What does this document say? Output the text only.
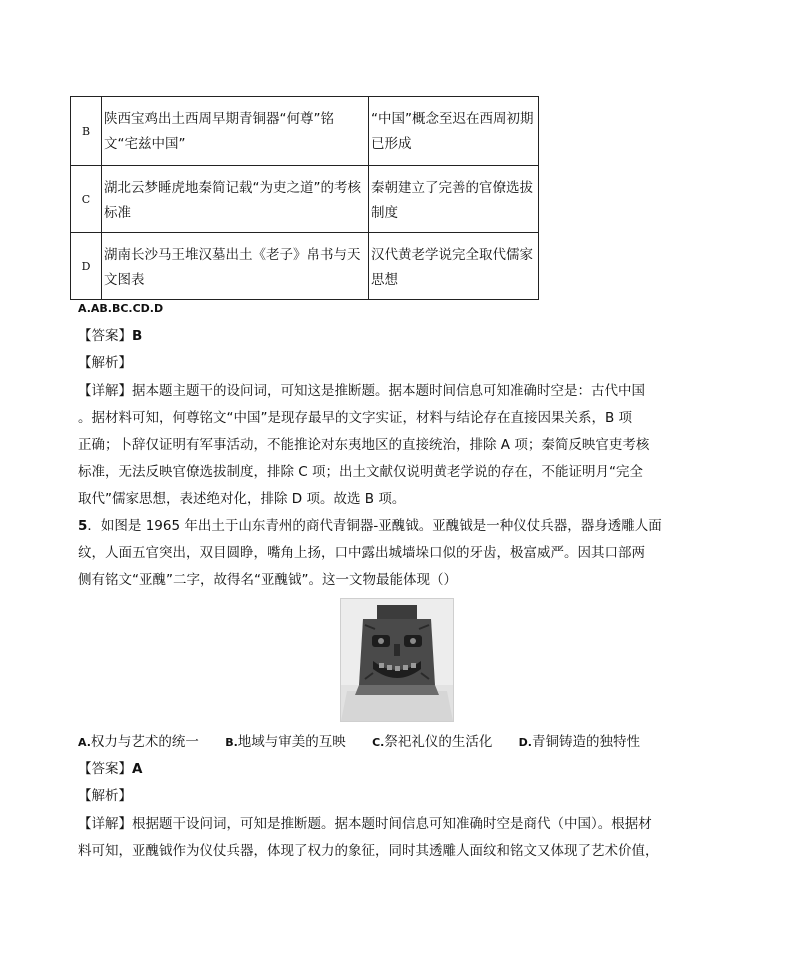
B	陕西宝鸡出土西周早期青铜器“何尊”铭文“宅兹中国”	“中国”概念至迟在西周初期已形成
C	湖北云梦睡虎地秦简记载“为吏之道”的考核标准	秦朝建立了完善的官僚选拔制度
D	湖南长沙马王堆汉墓出土《老子》帛书与天文图表	汉代黄老学说完全取代儒家思想
A.AB.BC.CD.D
【答案】B
【解析】
【详解】据本题主题干的设问词，可知这是推断题。据本题时间信息可知准确时空是：古代中国
。据材料可知，何尊铭文“中国”是现存最早的文字实证，材料与结论存在直接因果关系，B 项
正确；卜辞仅证明有军事活动，不能推论对东夷地区的直接统治，排除 A 项；秦简反映官吏考核
标准，无法反映官僚选拔制度，排除 C 项；出土文献仅说明黄老学说的存在，不能证明月“完全
取代”儒家思想，表述绝对化，排除 D 项。故选 B 项。
5．如图是 1965 年出土于山东青州的商代青铜器-亚醜钺。亚醜钺是一种仪仗兵器，器身透雕人面
纹，人面五官突出，双目圆睁，嘴角上扬，口中露出城墙垛口似的牙齿，极富威严。因其口部两
侧有铭文“亚醜”二字，故得名“亚醜钺”。这一文物最能体现（）
A.权力与艺术的统一 B.地域与审美的互映 C.祭祀礼仪的生活化 D.青铜铸造的独特性
【答案】A
【解析】
【详解】根据题干设问词，可知是推断题。据本题时间信息可知准确时空是商代（中国）。根据材
料可知，亚醜钺作为仪仗兵器，体现了权力的象征，同时其透雕人面纹和铭文又体现了艺术价值，
